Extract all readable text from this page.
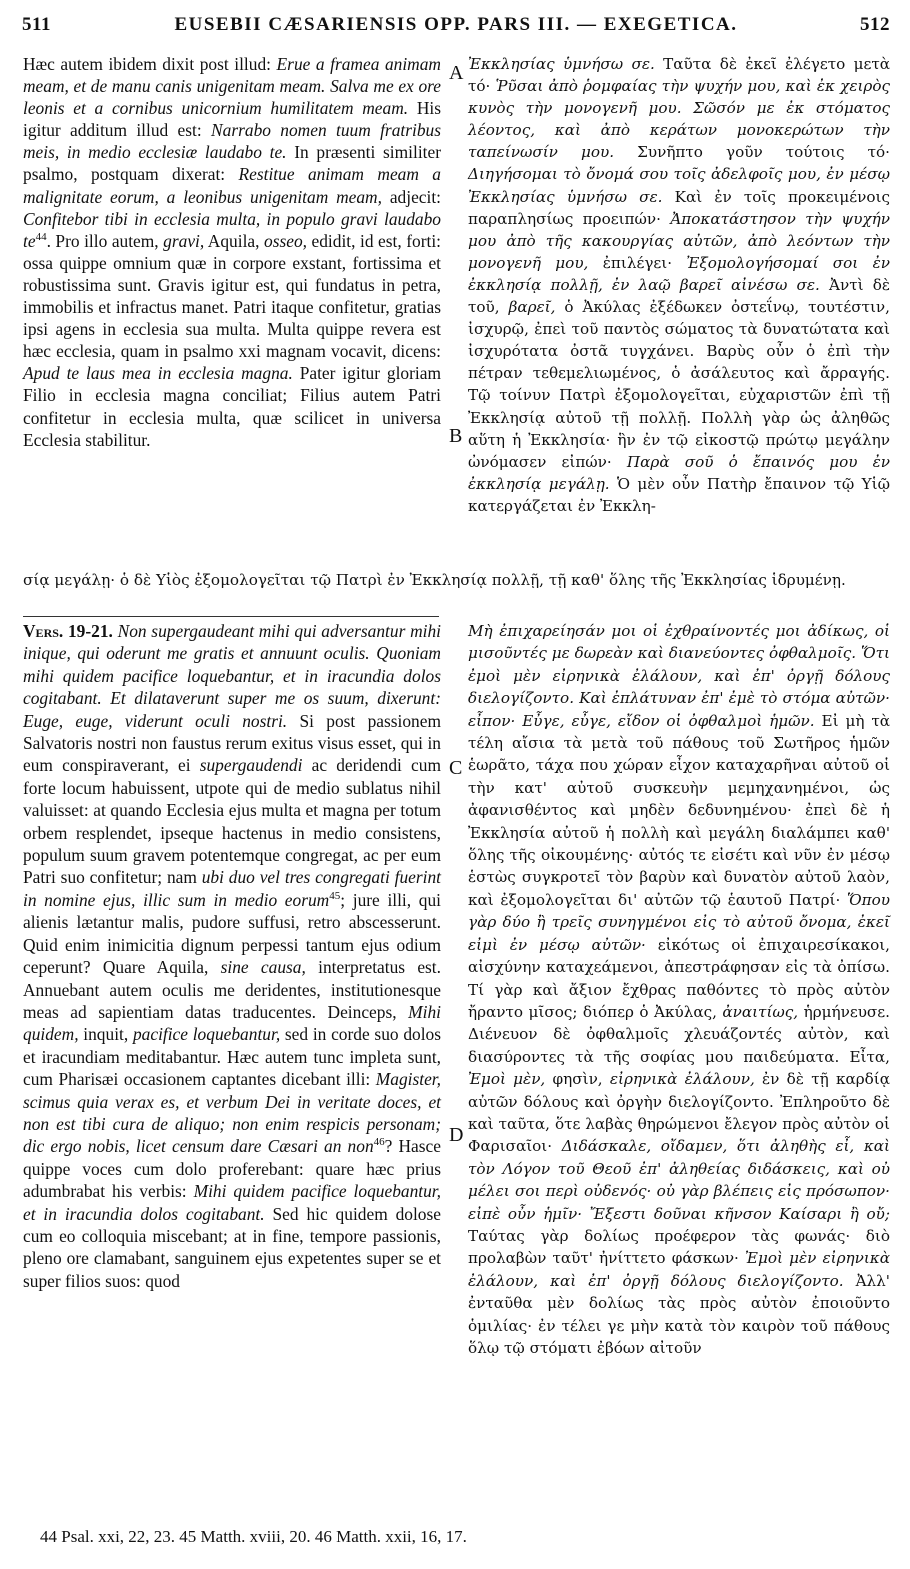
511	EUSEBII CÆSARIENSIS OPP. PARS III. — EXEGETICA.	512

Hæc autem ibidem dixit post illud: Erue a framea animam meam, et de manu canis unigenitam meam. Salva me ex ore leonis et a cornibus unicornium humilitatem meam. His igitur additum illud est: Narrabo nomen tuum fratribus meis, in medio ecclesiæ laudabo te. In præsenti similiter psalmo, postquam dixerat: Restitue animam meam a malignitate eorum, a leonibus unigenitam meam, adjecit: Confitebor tibi in ecclesia multa, in populo gravi laudabo te$^{44}$. Pro illo autem, gravi, Aquila, osseo, edidit, id est, forti: ossa quippe omnium quæ in corpore exstant, fortissima et robustissima sunt. Gravis igitur est, qui fundatus in petra, immobilis et infractus manet. Patri itaque confitetur, gratias ipsi agens in ecclesia sua multa. Multa quippe revera est hæc ecclesia, quam in psalmo xxi magnam vocavit, dicens: Apud te laus mea in ecclesia magna. Pater igitur gloriam Filio in ecclesia magna conciliat; Filius autem Patri confitetur in ecclesia multa, quæ scilicet in universa Ecclesia stabilitur.

Ἐκκλησίας ὑμνήσω σε. Ταῦτα δὲ ἐκεῖ ἐλέγετο μετὰ τό· Ῥῦσαι ἀπὸ ῥομφαίας τὴν ψυχήν μου, καὶ ἐκ χειρὸς κυνὸς τὴν μονογενῆ μου. Σῶσόν με ἐκ στόματος λέοντος, καὶ ἀπὸ κεράτων μονοκερώτων τὴν ταπείνωσίν μου. Συνῆπτο γοῦν τούτοις τό· Διηγήσομαι τὸ ὄνομά σου τοῖς ἀδελφοῖς μου, ἐν μέσῳ Ἐκκλησίας ὑμνήσω σε. Καὶ ἐν τοῖς προκειμένοις παραπλησίως προειπών· Ἀποκατάστησον τὴν ψυχήν μου ἀπὸ τῆς κακουργίας αὐτῶν, ἀπὸ λεόντων τὴν μονογενῆ μου, ἐπιλέγει· Ἐξομολογήσομαί σοι ἐν ἐκκλησίᾳ πολλῇ, ἐν λαῷ βαρεῖ αἰνέσω σε. Ἀντὶ δὲ τοῦ, βαρεῖ, ὁ Ἀκύλας ἐξέδωκεν ὀστεΐνῳ, τουτέστιν, ἰσχυρῷ, ἐπεὶ τοῦ παντὸς σώματος τὰ δυνατώτατα καὶ ἰσχυρότατα ὀστᾶ τυγχάνει. Βαρὺς οὖν ὁ ἐπὶ τὴν πέτραν τεθεμελιωμένος, ὁ ἀσάλευτος καὶ ἄρραγής. Τῷ τοίνυν Πατρὶ ἐξομολογεῖται, εὐχαριστῶν ἐπὶ τῇ Ἐκκλησίᾳ αὐτοῦ τῇ πολλῇ. Πολλὴ γὰρ ὡς ἀληθῶς αὕτη ἡ Ἐκκλησία· ἣν ἐν τῷ εἰκοστῷ πρώτῳ μεγάλην ὠνόμασεν εἰπών· Παρὰ σοῦ ὁ ἔπαινός μου ἐν ἐκκλησίᾳ μεγάλῃ. Ὁ μὲν οὖν Πατὴρ ἔπαινον τῷ Υἱῷ κατεργάζεται ἐν Ἐκκλη-

A
B
C
D
σίᾳ μεγάλῃ· ὁ δὲ Υἱὸς ἐξομολογεῖται τῷ Πατρὶ ἐν Ἐκκλησίᾳ πολλῇ, τῇ καθ' ὅλης τῆς Ἐκκλησίας ἱδρυμένῃ.

Vers. 19-21. Non supergaudeant mihi qui adversantur mihi inique, qui oderunt me gratis et annuunt oculis. Quoniam mihi quidem pacifice loquebantur, et in iracundia dolos cogitabant. Et dilataverunt super me os suum, dixerunt: Euge, euge, viderunt oculi nostri. Si post passionem Salvatoris nostri non faustus rerum exitus visus esset, qui in eum conspiraverant, ei supergaudendi ac deridendi cum forte locum habuissent, utpote qui de medio sublatus nihil valuisset: at quando Ecclesia ejus multa et magna per totum orbem resplendet, ipseque hactenus in medio consistens, populum suum gravem potentemque congregat, ac per eum Patri suo confitetur; nam ubi duo vel tres congregati fuerint in nomine ejus, illic sum in medio eorum$^{45}$; jure illi, qui alienis lætantur malis, pudore suffusi, retro abscesserunt. Quid enim inimicitia dignum perpessi tantum ejus odium ceperunt? Quare Aquila, sine causa, interpretatus est. Annuebant autem oculis me deridentes, institutionesque meas ad sapientiam datas traducentes. Deinceps, Mihi quidem, inquit, pacifice loquebantur, sed in corde suo dolos et iracundiam meditabantur. Hæc autem tunc impleta sunt, cum Pharisæi occasionem captantes dicebant illi: Magister, scimus quia verax es, et verbum Dei in veritate doces, et non est tibi cura de aliquo; non enim respicis personam; dic ergo nobis, licet censum dare Cæsari an non$^{46}$? Hasce quippe voces cum dolo proferebant: quare hæc prius adumbrabat his verbis: Mihi quidem pacifice loquebantur, et in iracundia dolos cogitabant. Sed hic quidem dolose cum eo colloquia miscebant; at in fine, tempore passionis, pleno ore clamabant, sanguinem ejus expetentes super se et super filios suos: quod

Μὴ ἐπιχαρείησάν μοι οἱ ἐχθραίνοντές μοι ἀδίκως, οἱ μισοῦντές με δωρεὰν καὶ διανεύοντες ὀφθαλμοῖς. Ὅτι ἐμοὶ μὲν εἰρηνικὰ ἐλάλουν, καὶ ἐπ' ὀργῇ δόλους διελογίζοντο. Καὶ ἐπλάτυναν ἐπ' ἐμὲ τὸ στόμα αὐτῶν· εἶπον· Εὖγε, εὖγε, εἴδον οἱ ὀφθαλμοὶ ἡμῶν. Εἰ μὴ τὰ τέλη αἴσια τὰ μετὰ τοῦ πάθους τοῦ Σωτῆρος ἡμῶν ἑωρᾶτο, τάχα που χώραν εἶχον καταχαρῆναι αὐτοῦ οἱ τὴν κατ' αὐτοῦ συσκευὴν μεμηχανημένοι, ὡς ἀφανισθέντος καὶ μηδὲν δεδυνημένου· ἐπεὶ δὲ ἡ Ἐκκλησία αὐτοῦ ἡ πολλὴ καὶ μεγάλη διαλάμπει καθ' ὅλης τῆς οἰκουμένης· αὐτός τε εἰσέτι καὶ νῦν ἐν μέσῳ ἑστὼς συγκροτεῖ τὸν βαρὺν καὶ δυνατὸν αὐτοῦ λαὸν, καὶ ἐξομολογεῖται δι' αὐτῶν τῷ ἑαυτοῦ Πατρί· Ὅπου γὰρ δύο ἢ τρεῖς συνηγμένοι εἰς τὸ αὐτοῦ ὄνομα, ἐκεῖ εἰμὶ ἐν μέσῳ αὐτῶν· εἰκότως οἱ ἐπιχαιρεσίκακοι, αἰσχύνην καταχεάμενοι, ἀπεστράφησαν εἰς τὰ ὀπίσω. Τί γὰρ καὶ ἄξιον ἔχθρας παθόντες τὸ πρὸς αὐτὸν ἤραντο μῖσος; διόπερ ὁ Ἀκύλας, ἀναιτίως, ἡρμήνευσε. Διένευον δὲ ὀφθαλμοῖς χλευάζοντές αὐτὸν, καὶ διασύροντες τὰ τῆς σοφίας μου παιδεύματα. Εἶτα, Ἐμοὶ μὲν, φησὶν, εἰρηνικὰ ἐλάλουν, ἐν δὲ τῇ καρδίᾳ αὐτῶν δόλους καὶ ὀργὴν διελογίζοντο. Ἐπληροῦτο δὲ καὶ ταῦτα, ὅτε λαβὰς θηρώμενοι ἔλεγον πρὸς αὐτὸν οἱ Φαρισαῖοι· Διδάσκαλε, οἴδαμεν, ὅτι ἀληθὴς εἶ, καὶ τὸν Λόγον τοῦ Θεοῦ ἐπ' ἀληθείας διδάσκεις, καὶ οὐ μέλει σοι περὶ οὐδενός· οὐ γὰρ βλέπεις εἰς πρόσωπον· εἰπὲ οὖν ἡμῖν· Ἔξεστι δοῦναι κῆνσον Καίσαρι ἢ οὔ; Ταύτας γὰρ δολίως προέφερον τὰς φωνάς· διὸ προλαβὼν ταῦτ' ἠνίττετο φάσκων· Ἐμοὶ μὲν εἰρηνικὰ ἐλάλουν, καὶ ἐπ' ὀργῇ δόλους διελογίζοντο. Ἀλλ' ἐνταῦθα μὲν δολίως τὰς πρὸς αὐτὸν ἐποιοῦντο ὁμιλίας· ἐν τέλει γε μὴν κατὰ τὸν καιρὸν τοῦ πάθους ὅλῳ τῷ στόματι ἐβόων αἰτοῦν

44 Psal. xxi, 22, 23. 45 Matth. xviii, 20. 46 Matth. xxii, 16, 17.
